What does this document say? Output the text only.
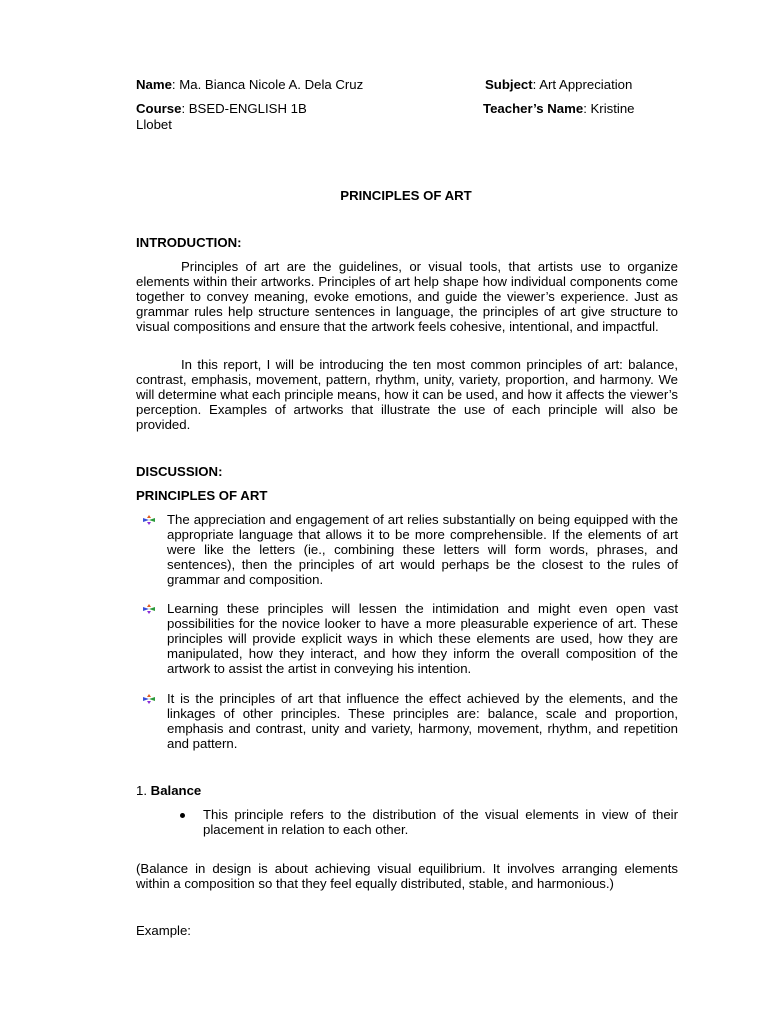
Name: Ma. Bianca Nicole A. Dela Cruz	Subject: Art Appreciation
Course: BSED-ENGLISH 1B	Teacher’s Name: Kristine
Llobet
PRINCIPLES OF ART
INTRODUCTION:
Principles of art are the guidelines, or visual tools, that artists use to organize elements within their artworks. Principles of art help shape how individual components come together to convey meaning, evoke emotions, and guide the viewer’s experience. Just as grammar rules help structure sentences in language, the principles of art give structure to visual compositions and ensure that the artwork feels cohesive, intentional, and impactful.
In this report, I will be introducing the ten most common principles of art: balance, contrast, emphasis, movement, pattern, rhythm, unity, variety, proportion, and harmony. We will determine what each principle means, how it can be used, and how it affects the viewer’s perception. Examples of artworks that illustrate the use of each principle will also be provided.
DISCUSSION:
PRINCIPLES OF ART
The appreciation and engagement of art relies substantially on being equipped with the appropriate language that allows it to be more comprehensible. If the elements of art were like the letters (ie., combining these letters will form words, phrases, and sentences), then the principles of art would perhaps be the closest to the rules of grammar and composition.
Learning these principles will lessen the intimidation and might even open vast possibilities for the novice looker to have a more pleasurable experience of art. These principles will provide explicit ways in which these elements are used, how they are manipulated, how they interact, and how they inform the overall composition of the artwork to assist the artist in conveying his intention.
It is the principles of art that influence the effect achieved by the elements, and the linkages of other principles. These principles are: balance, scale and proportion, emphasis and contrast, unity and variety, harmony, movement, rhythm, and repetition and pattern.
1. Balance
This principle refers to the distribution of the visual elements in view of their placement in relation to each other.
(Balance in design is about achieving visual equilibrium. It involves arranging elements within a composition so that they feel equally distributed, stable, and harmonious.)
Example:
